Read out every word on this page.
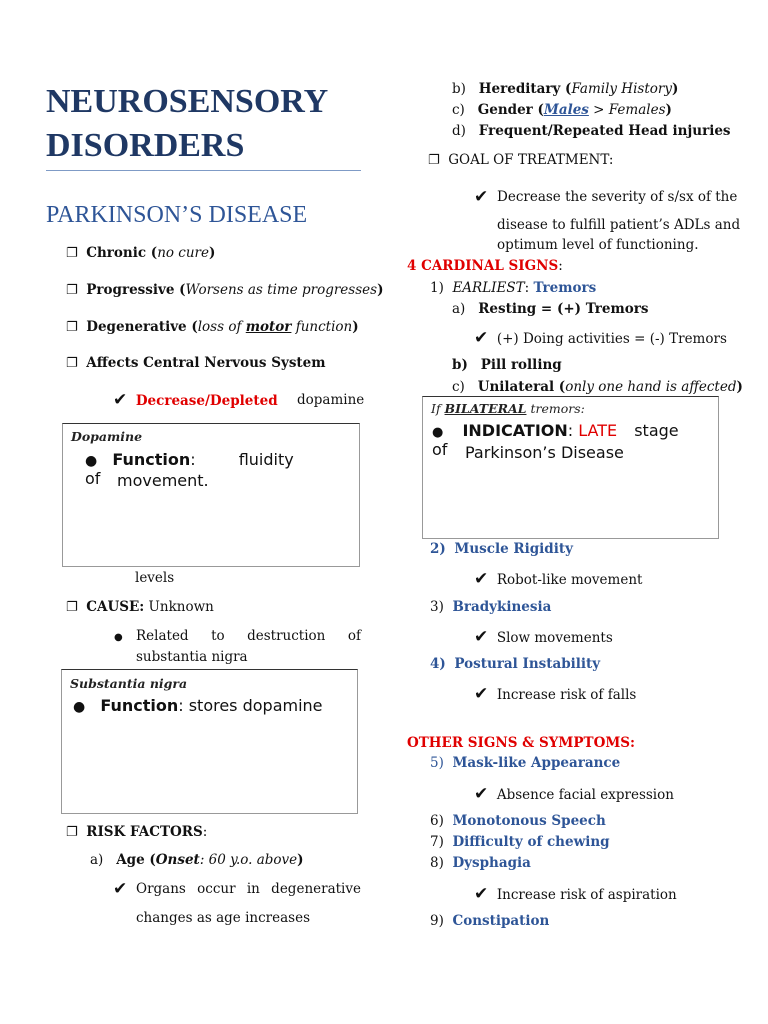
NEUROSENSORY
DISORDERS
PARKINSON’S DISEASE
❐ Chronic (no cure)
❐ Progressive (Worsens as time progresses)
❐ Degenerative (loss of motor function)
❐ Affects Central Nervous System
✔ Decrease/Depleted dopamine
Dopamine
● Function: fluidity of	movement.
levels
❐ CAUSE: Unknown
● Related to destruction of
substantia nigra
Substantia nigra
● Function: stores dopamine
❐ RISK FACTORS:
a) Age (Onset: 60 y.o. above)
✔ Organs occur in degenerative
changes as age increases
b) Hereditary (Family History)
c) Gender (Males > Females)
d) Frequent/Repeated Head injuries
❐ GOAL OF TREATMENT:
✔ Decrease the severity of s/sx of the
disease to fulfill patient’s ADLs and
optimum level of functioning.
4 CARDINAL SIGNS:
1) EARLIEST: Tremors
a) Resting = (+) Tremors
✔ (+) Doing activities = (-) Tremors
b) Pill rolling
c) Unilateral (only one hand is affected)
If BILATERAL tremors:
● INDICATION: LATE stage of	Parkinson’s Disease
2) Muscle Rigidity
✔ Robot-like movement
3) Bradykinesia
✔ Slow movements
4) Postural Instability
✔ Increase risk of falls
OTHER SIGNS & SYMPTOMS:
5) Mask-like Appearance
✔ Absence facial expression
6) Monotonous Speech
7) Difficulty of chewing
8) Dysphagia
✔ Increase risk of aspiration
9) Constipation
